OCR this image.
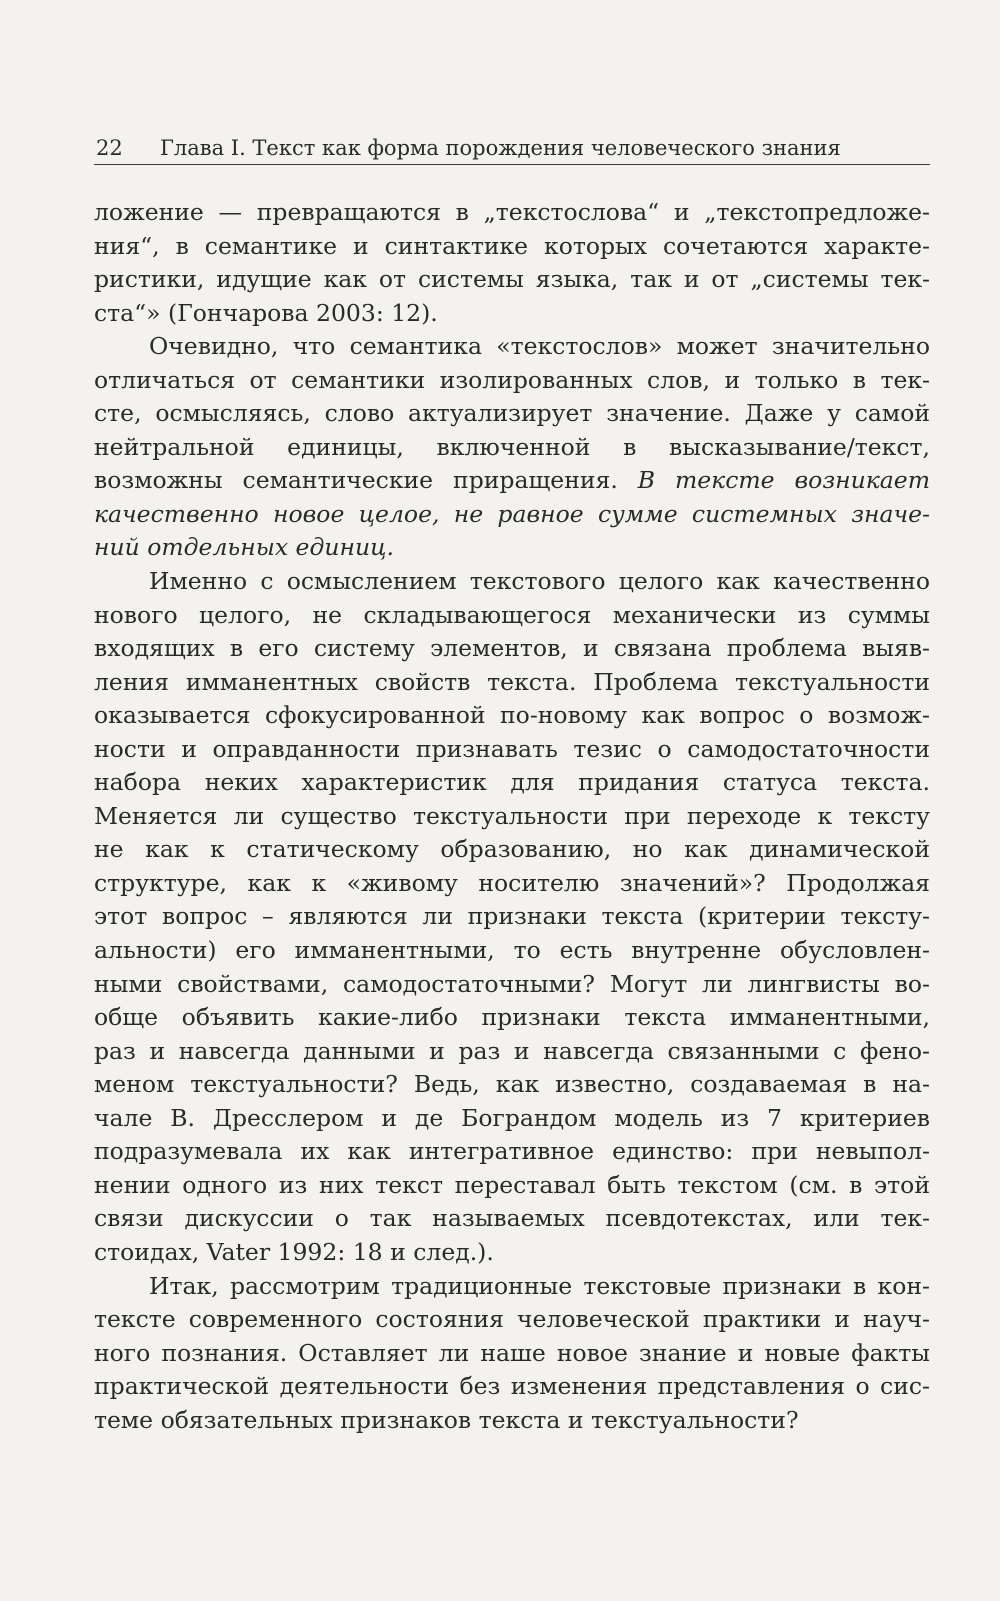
22 Глава I. Текст как форма порождения человеческого знания
ложение — превращаются в „текстослова“ и „текстопредложе-
ния“, в семантике и синтактике которых сочетаются характе-
ристики, идущие как от системы языка, так и от „системы тек-
ста“» (Гончарова 2003: 12).
Очевидно, что семантика «текстослов» может значительно
отличаться от семантики изолированных слов, и только в тек-
сте, осмысляясь, слово актуализирует значение. Даже у самой
нейтральной единицы, включенной в высказывание/текст,
возможны семантические приращения. В тексте возникает
качественно новое целое, не равное сумме системных значе-
ний отдельных единиц.
Именно с осмыслением текстового целого как качественно
нового целого, не складывающегося механически из суммы
входящих в его систему элементов, и связана проблема выяв-
ления имманентных свойств текста. Проблема текстуальности
оказывается сфокусированной по-новому как вопрос о возмож-
ности и оправданности признавать тезис о самодостаточности
набора неких характеристик для придания статуса текста.
Меняется ли существо текстуальности при переходе к тексту
не как к статическому образованию, но как динамической
структуре, как к «живому носителю значений»? Продолжая
этот вопрос – являются ли признаки текста (критерии тексту-
альности) его имманентными, то есть внутренне обусловлен-
ными свойствами, самодостаточными? Могут ли лингвисты во-
обще объявить какие-либо признаки текста имманентными,
раз и навсегда данными и раз и навсегда связанными с фено-
меном текстуальности? Ведь, как известно, создаваемая в на-
чале В. Дресслером и де Бограндом модель из 7 критериев
подразумевала их как интегративное единство: при невыпол-
нении одного из них текст переставал быть текстом (см. в этой
связи дискуссии о так называемых псевдотекстах, или тек-
стоидах, Vater 1992: 18 и след.).
Итак, рассмотрим традиционные текстовые признаки в кон-
тексте современного состояния человеческой практики и науч-
ного познания. Оставляет ли наше новое знание и новые факты
практической деятельности без изменения представления о сис-
теме обязательных признаков текста и текстуальности?
